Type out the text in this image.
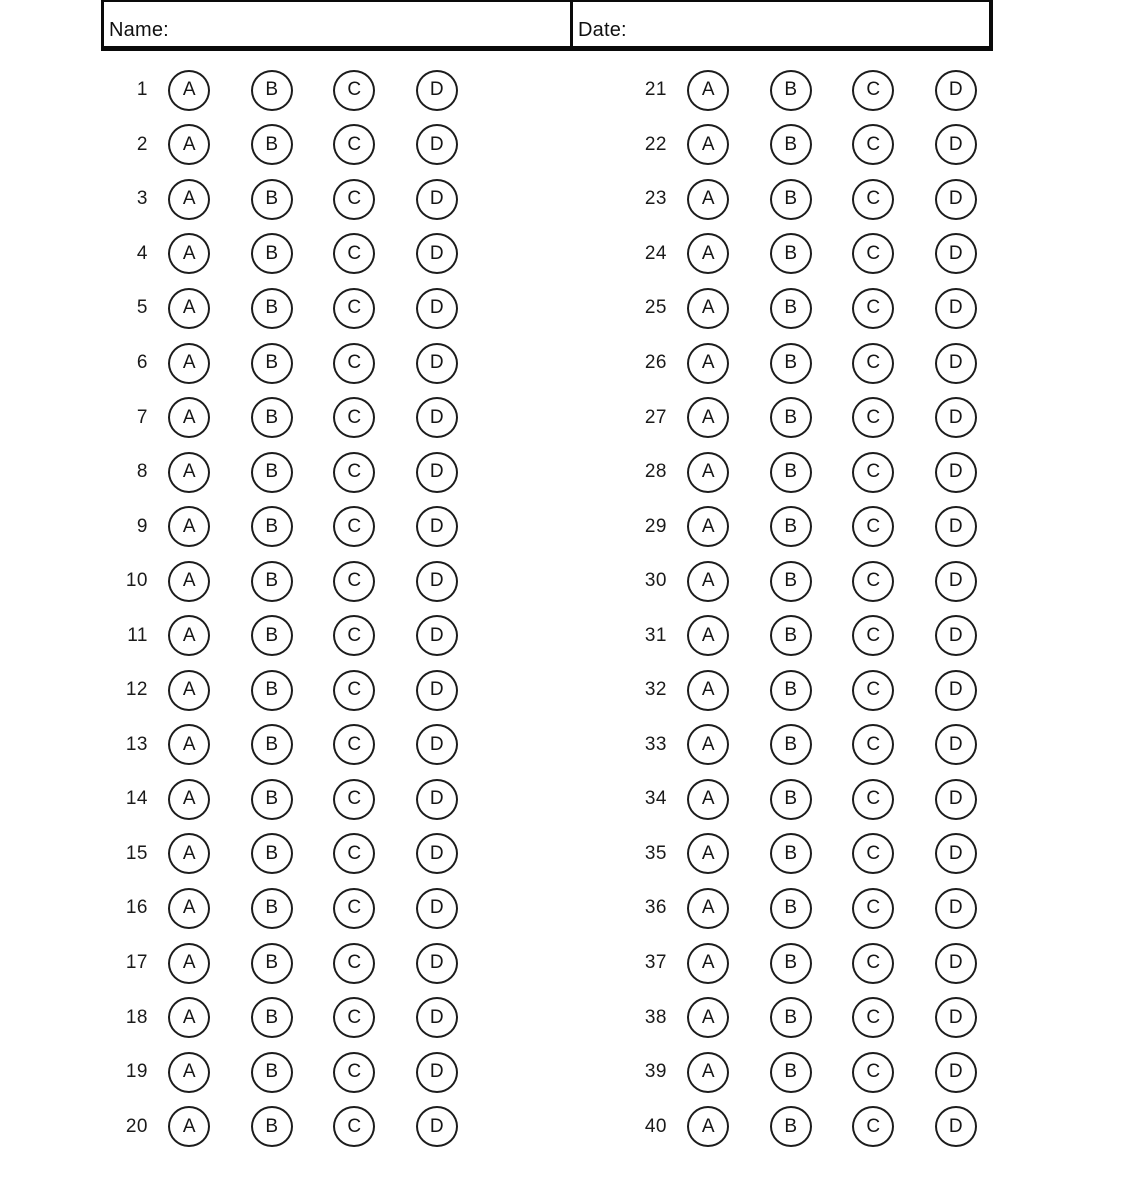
Name:	Date:
1	A	B	C	D
2	A	B	C	D
3	A	B	C	D
4	A	B	C	D
5	A	B	C	D
6	A	B	C	D
7	A	B	C	D
8	A	B	C	D
9	A	B	C	D
10	A	B	C	D
11	A	B	C	D
12	A	B	C	D
13	A	B	C	D
14	A	B	C	D
15	A	B	C	D
16	A	B	C	D
17	A	B	C	D
18	A	B	C	D
19	A	B	C	D
20	A	B	C	D
21	A	B	C	D
22	A	B	C	D
23	A	B	C	D
24	A	B	C	D
25	A	B	C	D
26	A	B	C	D
27	A	B	C	D
28	A	B	C	D
29	A	B	C	D
30	A	B	C	D
31	A	B	C	D
32	A	B	C	D
33	A	B	C	D
34	A	B	C	D
35	A	B	C	D
36	A	B	C	D
37	A	B	C	D
38	A	B	C	D
39	A	B	C	D
40	A	B	C	D
